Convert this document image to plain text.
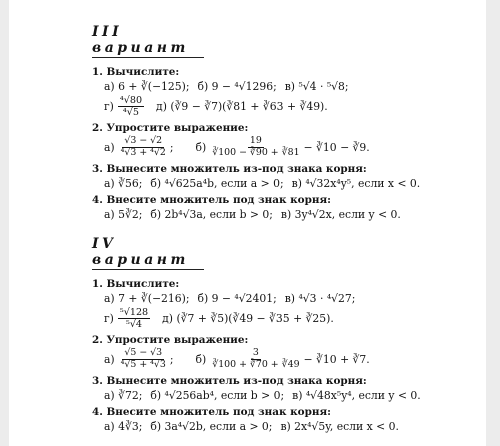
III вариант
1. Вычислите:
а) 6 + ∛(−125); б) 9 − ⁴√1296; в) ⁵√4 · ⁵√8;
$г) \frac{\text{⁴√80}}{\text{⁴√5}} д$) (∛9 − ∛7)(∛81 + ∛63 + ∛49).
2. Упростите выражение:
$а) \frac{√3 - √2}{\text{⁴√3 + ⁴√2}}$ ; $б) \frac{19}{∛100 - ∛90 + ∛81}$ − ∛10 − ∛9.
3. Вынесите множитель из-под знака корня:
а) ∛56; б) ⁴√625a⁴b, если a > 0; в) ⁴√32x⁴y⁵, если x < 0.
4. Внесите множитель под знак корня:
а) 5∛2; б) 2b⁴√3a, если b > 0; в) 3y⁴√2x, если y < 0.
IV вариант
1. Вычислите:
а) 7 + ∛(−216); б) 9 − ⁴√2401; в) ⁴√3 · ⁴√27;
$г) \frac{\text{⁵√128}}{\text{⁵√4}} д$) (∛7 + ∛5)(∛49 − ∛35 + ∛25).
2. Упростите выражение:
$а) \frac{√5 - √3}{\text{⁴√5 + ⁴√3}}$ ; $б) \frac{3}{∛100 + ∛70 + ∛49}$ − ∛10 + ∛7.
3. Вынесите множитель из-под знака корня:
а) ∛72; б) ⁴√256ab⁴, если b > 0; в) ⁴√48x⁵y⁴, если y < 0.
4. Внесите множитель под знак корня:
а) 4∛3; б) 3a⁴√2b, если a > 0; в) 2x⁴√5y, если x < 0.
